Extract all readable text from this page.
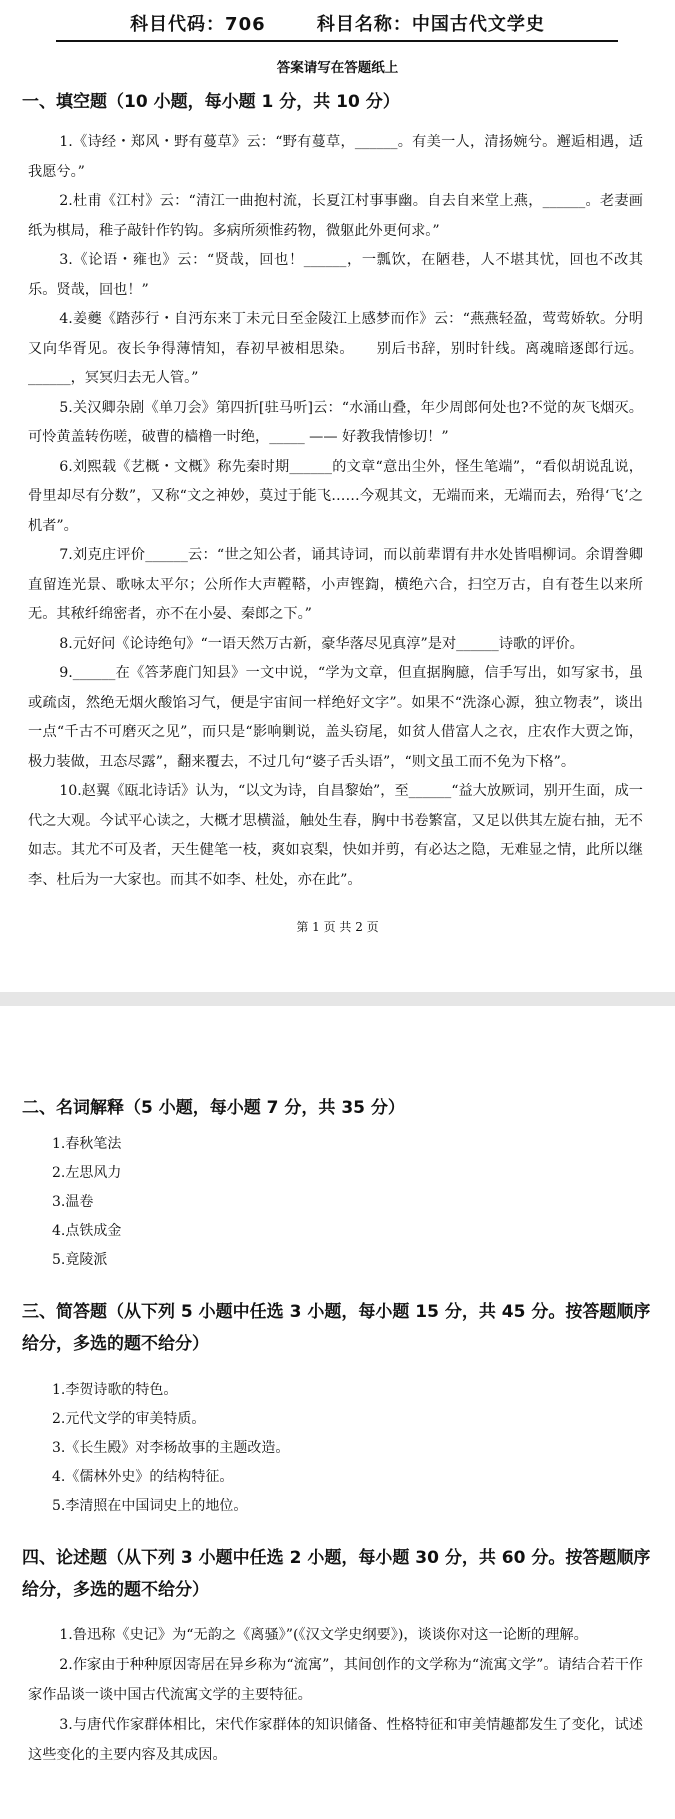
科目代码：706	科目名称：中国古代文学史
答案请写在答题纸上
一、填空题（10 小题，每小题 1 分，共 10 分）

1.《诗经・郑风・野有蔓草》云：“野有蔓草，______。有美一人，清扬婉兮。邂逅相遇，适我愿兮。”

2.杜甫《江村》云：“清江一曲抱村流，长夏江村事事幽。自去自来堂上燕，______。老妻画纸为棋局，稚子敲针作钓钩。多病所须惟药物，微躯此外更何求。”

3.《论语・雍也》云：“贤哉，回也！______，一瓢饮，在陋巷，人不堪其忧，回也不改其乐。贤哉，回也！”

4.姜夔《踏莎行・自沔东来丁未元日至金陵江上感梦而作》云：“燕燕轻盈，莺莺娇软。分明又向华胥见。夜长争得薄情知，春初早被相思染。　　别后书辞，别时针线。离魂暗逐郎行远。______，冥冥归去无人管。”

5.关汉卿杂剧《单刀会》第四折[驻马听]云：“水涌山叠，年少周郎何处也?不觉的灰飞烟灭。可怜黄盖转伤嗟，破曹的樯橹一时绝，_____ —— 好教我情惨切！”

6.刘熙载《艺概・文概》称先秦时期______的文章“意出尘外，怪生笔端”，“看似胡说乱说，骨里却尽有分数”，又称“文之神妙，莫过于能飞……今观其文，无端而来，无端而去，殆得‘飞’之机者”。

7.刘克庄评价______云：“世之知公者，诵其诗词，而以前辈谓有井水处皆唱柳词。余谓誊卿直留连光景、歌咏太平尔；公所作大声鞺鞳，小声铿鍧，横绝六合，扫空万古，自有苍生以来所无。其秾纤绵密者，亦不在小晏、秦郎之下。”

8.元好问《论诗绝句》“一语天然万古新，豪华落尽见真淳”是对______诗歌的评价。

9.______在《答茅鹿门知县》一文中说，“学为文章，但直据胸臆，信手写出，如写家书，虽或疏卤，然绝无烟火酸馅习气，便是宇宙间一样绝好文字”。如果不“洗涤心源，独立物表”，谈出一点“千古不可磨灭之见”，而只是“影响剿说，盖头窃尾，如贫人借富人之衣，庄农作大贾之饰，极力装做，丑态尽露”，翻来覆去，不过几句“婆子舌头语”，“则文虽工而不免为下格”。

10.赵翼《瓯北诗话》认为，“以文为诗，自昌黎始”，至______“益大放厥词，别开生面，成一代之大观。今试平心读之，大概才思横溢，触处生春，胸中书卷繁富，又足以供其左旋右抽，无不如志。其尤不可及者，天生健笔一枝，爽如哀梨，快如并剪，有必达之隐，无难显之情，此所以继李、杜后为一大家也。而其不如李、杜处，亦在此”。

第 1 页 共 2 页
二、名词解释（5 小题，每小题 7 分，共 35 分）
1.春秋笔法
2.左思风力
3.温卷
4.点铁成金
5.竟陵派
三、简答题（从下列 5 小题中任选 3 小题，每小题 15 分，共 45 分。按答题顺序给分，多选的题不给分）
1.李贺诗歌的特色。
2.元代文学的审美特质。
3.《长生殿》对李杨故事的主题改造。
4.《儒林外史》的结构特征。
5.李清照在中国词史上的地位。
四、论述题（从下列 3 小题中任选 2 小题，每小题 30 分，共 60 分。按答题顺序给分，多选的题不给分）

1.鲁迅称《史记》为“无韵之《离骚》”(《汉文学史纲要》)，谈谈你对这一论断的理解。

2.作家由于种种原因寄居在异乡称为“流寓”，其间创作的文学称为“流寓文学”。请结合若干作家作品谈一谈中国古代流寓文学的主要特征。

3.与唐代作家群体相比，宋代作家群体的知识储备、性格特征和审美情趣都发生了变化，试述这些变化的主要内容及其成因。
